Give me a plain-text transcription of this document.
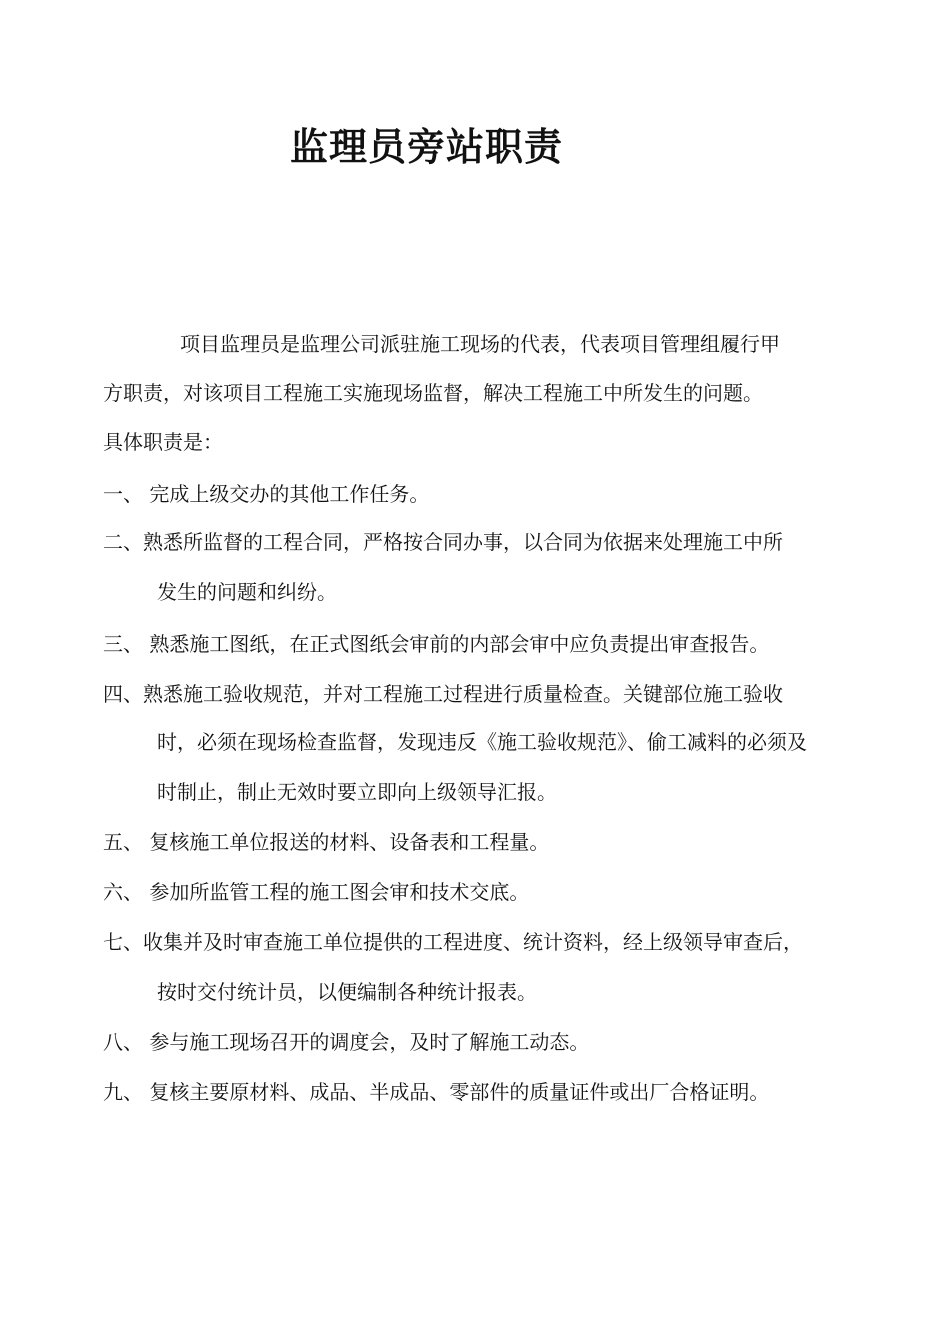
监理员旁站职责
项目监理员是监理公司派驻施工现场的代表，代表项目管理组履行甲
方职责，对该项目工程施工实施现场监督，解决工程施工中所发生的问题。
具体职责是：
一、 完成上级交办的其他工作任务。
二、熟悉所监督的工程合同，严格按合同办事，以合同为依据来处理施工中所
发生的问题和纠纷。
三、 熟悉施工图纸，在正式图纸会审前的内部会审中应负责提出审查报告。
四、熟悉施工验收规范，并对工程施工过程进行质量检查。关键部位施工验收
时，必须在现场检查监督，发现违反《施工验收规范》、偷工减料的必须及
时制止，制止无效时要立即向上级领导汇报。
五、 复核施工单位报送的材料、设备表和工程量。
六、 参加所监管工程的施工图会审和技术交底。
七、收集并及时审查施工单位提供的工程进度、统计资料，经上级领导审查后，
按时交付统计员，以便编制各种统计报表。
八、 参与施工现场召开的调度会，及时了解施工动态。
九、 复核主要原材料、成品、半成品、零部件的质量证件或出厂合格证明。
